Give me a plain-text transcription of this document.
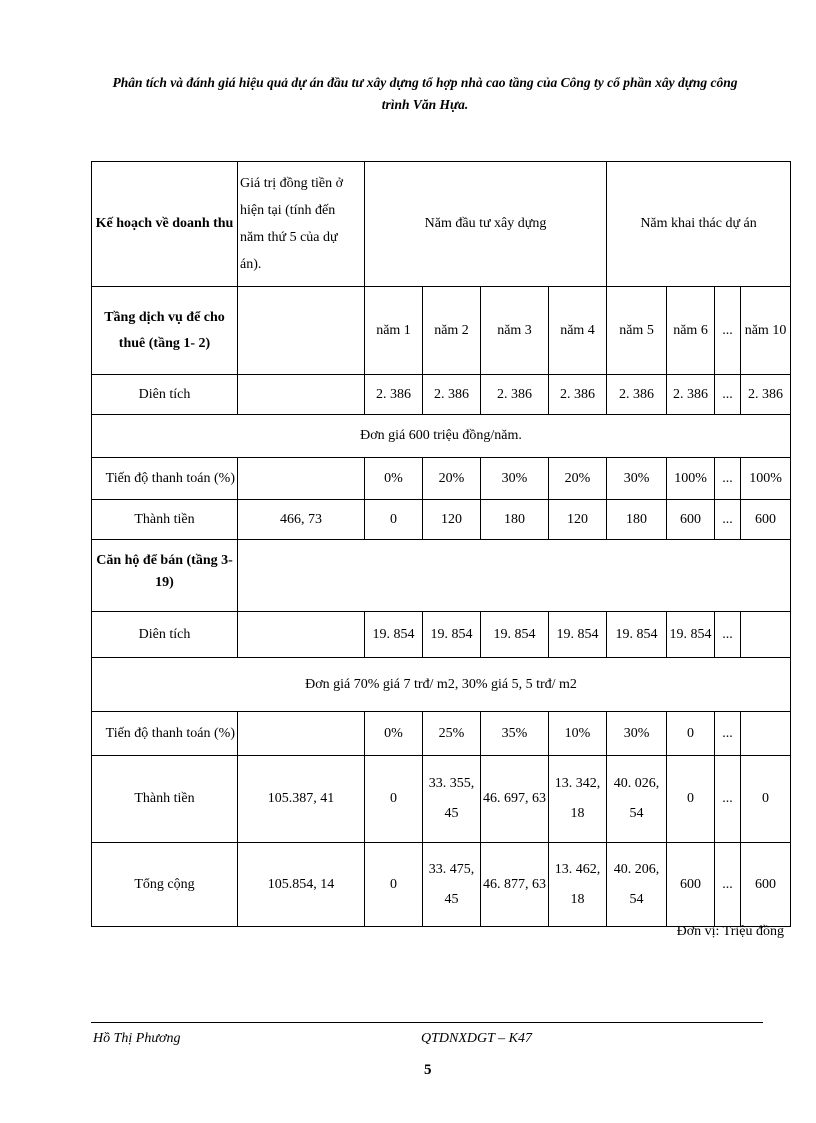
Phân tích và đánh giá hiệu quả dự án đầu tư xây dựng tổ hợp nhà cao tầng của Công ty cổ phần xây dựng công trình Văn Hựa.
Kế hoạch về doanh thu	Giá trị đồng tiền ở hiện tại (tính đến năm thứ 5 của dự án).	Năm đầu tư xây dựng				Năm khai thác dự án			
Tầng dịch vụ để cho thuê (tầng 1- 2)		năm 1	năm 2	năm 3	năm 4	năm 5	năm 6	...	năm 10
Diên tích		2. 386	2. 386	2. 386	2. 386	2. 386	2. 386	...	2. 386
Đơn giá 600 triệu đồng/năm.									
Tiến độ thanh toán (%)		0%	20%	30%	20%	30%	100%	...	100%
Thành tiền	466, 73	0	120	180	120	180	600	...	600
Căn hộ để bán (tầng 3-19)									
Diên tích		19. 854	19. 854	19. 854	19. 854	19. 854	19. 854	...	
Đơn giá 70% giá 7 trđ/ m2, 30% giá 5, 5 trđ/ m2									
Tiến độ thanh toán (%)		0%	25%	35%	10%	30%	0	...	
Thành tiền	105.387, 41	0	33. 355, 45	46. 697, 63	13. 342, 18	40. 026, 54	0	...	0
Tổng cộng	105.854, 14	0	33. 475, 45	46. 877, 63	13. 462, 18	40. 206, 54	600	...	600
Đơn vị: Triệu đồng
Hồ Thị Phương	QTDNXDGT – K47
5
